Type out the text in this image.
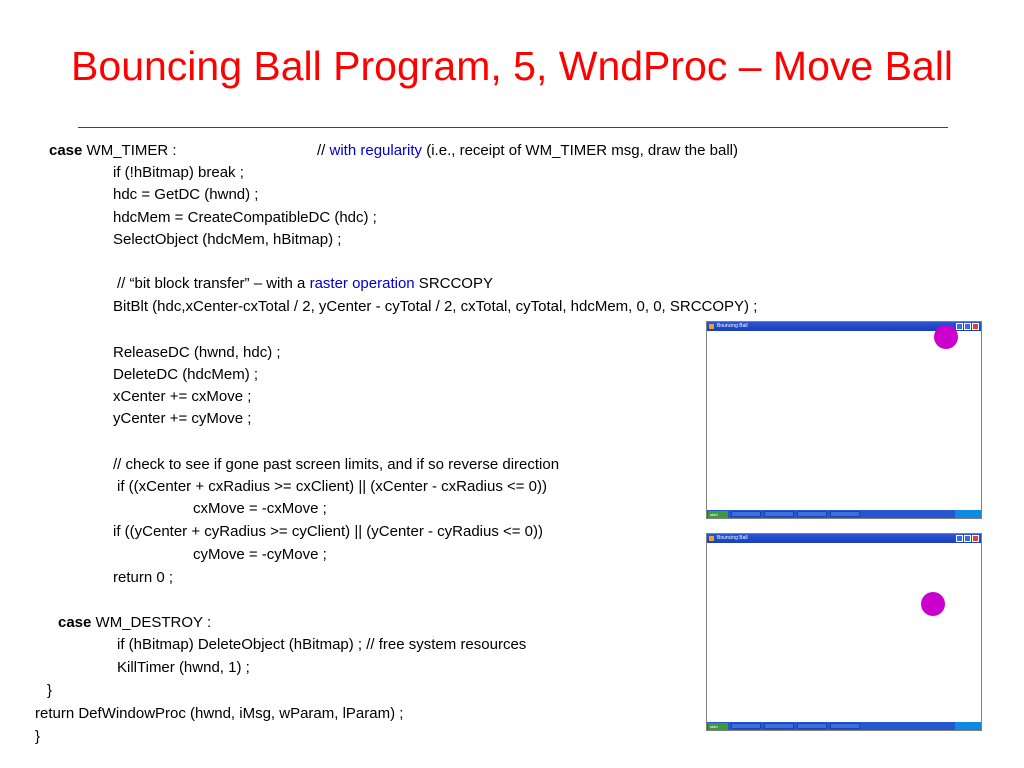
Bouncing Ball Program, 5, WndProc – Move Ball
case WM_TIMER :	// with regularity (i.e., receipt of WM_TIMER msg, draw the ball)
if (!hBitmap) break ;
hdc = GetDC (hwnd) ;
hdcMem = CreateCompatibleDC (hdc) ;
SelectObject (hdcMem, hBitmap) ;
// “bit block transfer” – with a raster operation SRCCOPY
BitBlt (hdc,xCenter-cxTotal / 2, yCenter - cyTotal / 2, cxTotal, cyTotal, hdcMem, 0, 0, SRCCOPY) ;
ReleaseDC (hwnd, hdc) ;
DeleteDC (hdcMem) ;
xCenter += cxMove ;
yCenter += cyMove ;
// check to see if gone past screen limits, and if so reverse direction
if ((xCenter + cxRadius >= cxClient) || (xCenter - cxRadius <= 0))
cxMove = -cxMove ;
if ((yCenter + cyRadius >= cyClient) || (yCenter - cyRadius <= 0))
cyMove = -cyMove ;
return 0 ;
case WM_DESTROY :
if (hBitmap) DeleteObject (hBitmap) ; // free system resources
KillTimer (hwnd, 1) ;
}
return DefWindowProc (hwnd, iMsg, wParam, lParam) ;
}
Bouncing Ball
start
Bouncing Ball
start
